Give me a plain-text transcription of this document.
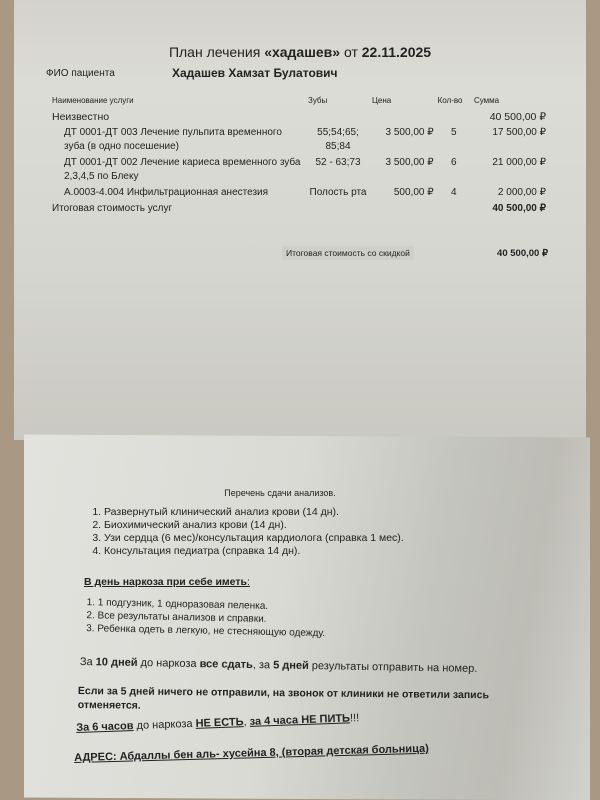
План лечения «хадашев» от 22.11.2025
ФИО пациента	Хадашев Хамзат Булатович
Наименование услуги	Зубы	Цена	Кол-во	Сумма
Неизвестно				40 500,00 ₽
ДТ 0001-ДТ 003 Лечение пульпита временного зуба (в одно посешение)	55;54;65; 85;84	3 500,00 ₽	5	17 500,00 ₽
ДТ 0001-ДТ 002 Лечение кариеса временного зуба 2,3,4,5 по Блеку	52 - 63;73	3 500,00 ₽	6	21 000,00 ₽
А.0003-4.004 Инфильтрационная анестезия	Полость рта	500,00 ₽	4	2 000,00 ₽
Итоговая стоимость услуг				40 500,00 ₽
Итоговая стоимость со скидкой	40 500,00 ₽
Перечень сдачи анализов.
1. Развернутый клинический анализ крови (14 дн).
2. Биохимический анализ крови (14 дн).
3. Узи сердца (6 мес)/консультация кардиолога (справка 1 мес).
4. Консультация педиатра (справка 14 дн).
В день наркоза при себе иметь:
1. 1 подгузник, 1 одноразовая пеленка.
2. Все результаты анализов и справки.
3. Ребенка одеть в легкую, не стесняющую одежду.
За 10 дней до наркоза все сдать, за 5 дней результаты отправить на номер.
Если за 5 дней ничего не отправили, на звонок от клиники не ответили запись отменяется.
За 6 часов до наркоза НЕ ЕСТЬ, за 4 часа НЕ ПИТЬ!!!
АДРЕС: Абдаллы бен аль- хусейна 8, (вторая детская больница)
